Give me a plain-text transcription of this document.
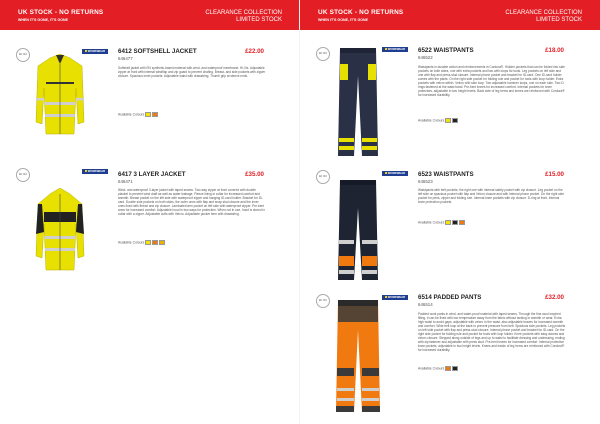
UK STOCK - NO RETURNS
WHEN IT'S GONE, IT'S GONE
CLEARANCE COLLECTION
LIMITED STOCK
EN ISO
WORKWEAR	6412 SOFTSHELL JACKET
646477
£22.00
Softshell jacket with EN synthetic-based material with wind- and waterproof membrane. Hi-Vis. Adjustable zipper at front with internal windflap and zip guard to prevent chafing. Breast- and side pockets with zipper closure. Spacious inner pockets. Adjustable waist with drawstring. Thumb grip at sleeve ends.
Available Colours
EN ISO
WORKWEAR	6417 3 LAYER JACKET
646471
£35.00
Wind- and waterproof 3-layer jacket with taped seams. Two-way zipper at front covered with double placket to prevent wind draft as well as water leakage. Fleece lining in collar for increased comfort and warmth. Breast pocket on the left side with waterproof zipper and hanging ID-card holder. Bracket for ID-card. Double side pockets on both sides, the outer ones with flap and snap stud closure and the inner ones lined with fleece and zip closure. Laminated arm pocket on left side with waterproof zipper. Pre-bent arms for increased comfort. Adjustable hood in two ways for protection. When not in use, hood is stored in collar with a zipper. Adjustable cuffs with Velcro. Adjustable pocket hem with drawstring.
Available Colours
UK STOCK - NO RETURNS
WHEN IT'S GONE, IT'S GONE
CLEARANCE COLLECTION
LIMITED STOCK
EN ISO
WORKWEAR	6522 WAISTPANTS
646522
£18.00
Waistpants in durable cotton and reinforcements in Cordura®. Hidden pockets that can be folded into side pockets on both sides, one with extra pockets and two with loops for tools. Leg pockets on left side and one with flap and press-stud closure. Internal phone pocket and bracket for ID-card. One ID-card holder comes with the pants. On the right side pocket for folding rule and pocket for tools with loop holder. Extra pockets with velcro within. Velcro with side loop. Two adjustable hammer loops, one on each side. Two D-rings fastened at the waist band. Pre-bent knees for increased comfort. Internal pockets for knee protectors, adjustable in two height levels. Back side of leg hems and knees are reinforced with Cordura® for increased durability.
Available Colours
EN ISO
WORKWEAR	6523 WAISTPANTS
646523
£15.00
Waistpants with belt pockets, the right one with internal safety pocket with zip closure. Leg pocket on the left side on spacious pocket with flap and Velcro closure and with internal phone pocket. On the right side pocket for pens, zipper and folding rule. Internal knee pockets with zip closure. D-ring at front. Internal knee protection pockets.
Available Colours
EN ISO
WORKWEAR	6514 PADDED PANTS
646514
£32.00
Padded work pants in wind- and water-proof material with taped seams. Through the fine wool inspired filling, it can be fixed with low temperature away from the fabric without lacking in warmth or wear. Extra high waist to avoid gaps, adjustable with velcro in the waist, also adjustable braces for increased warmth and comfort. Wide belt loop at the back to prevent pressure from belt. Spacious side pockets. Leg pockets on left side pocket with flap and press-stud closure. Internal phone pocket and bracket for ID-card. On the right side pocket for folding rule and pocket for tools with loop holder. Knee pockets with easy access and velcro closure. Stepped along outside of legs and up to waist to facilitate dressing and undressing, ending with zip fastener and adjustable with press stud. Pre-bent knees for increased comfort. Internal protective knee pockets, adjustable in two height levels. Knees and inside of leg hems are reinforced with Cordura® for increased durability.
Available Colours
